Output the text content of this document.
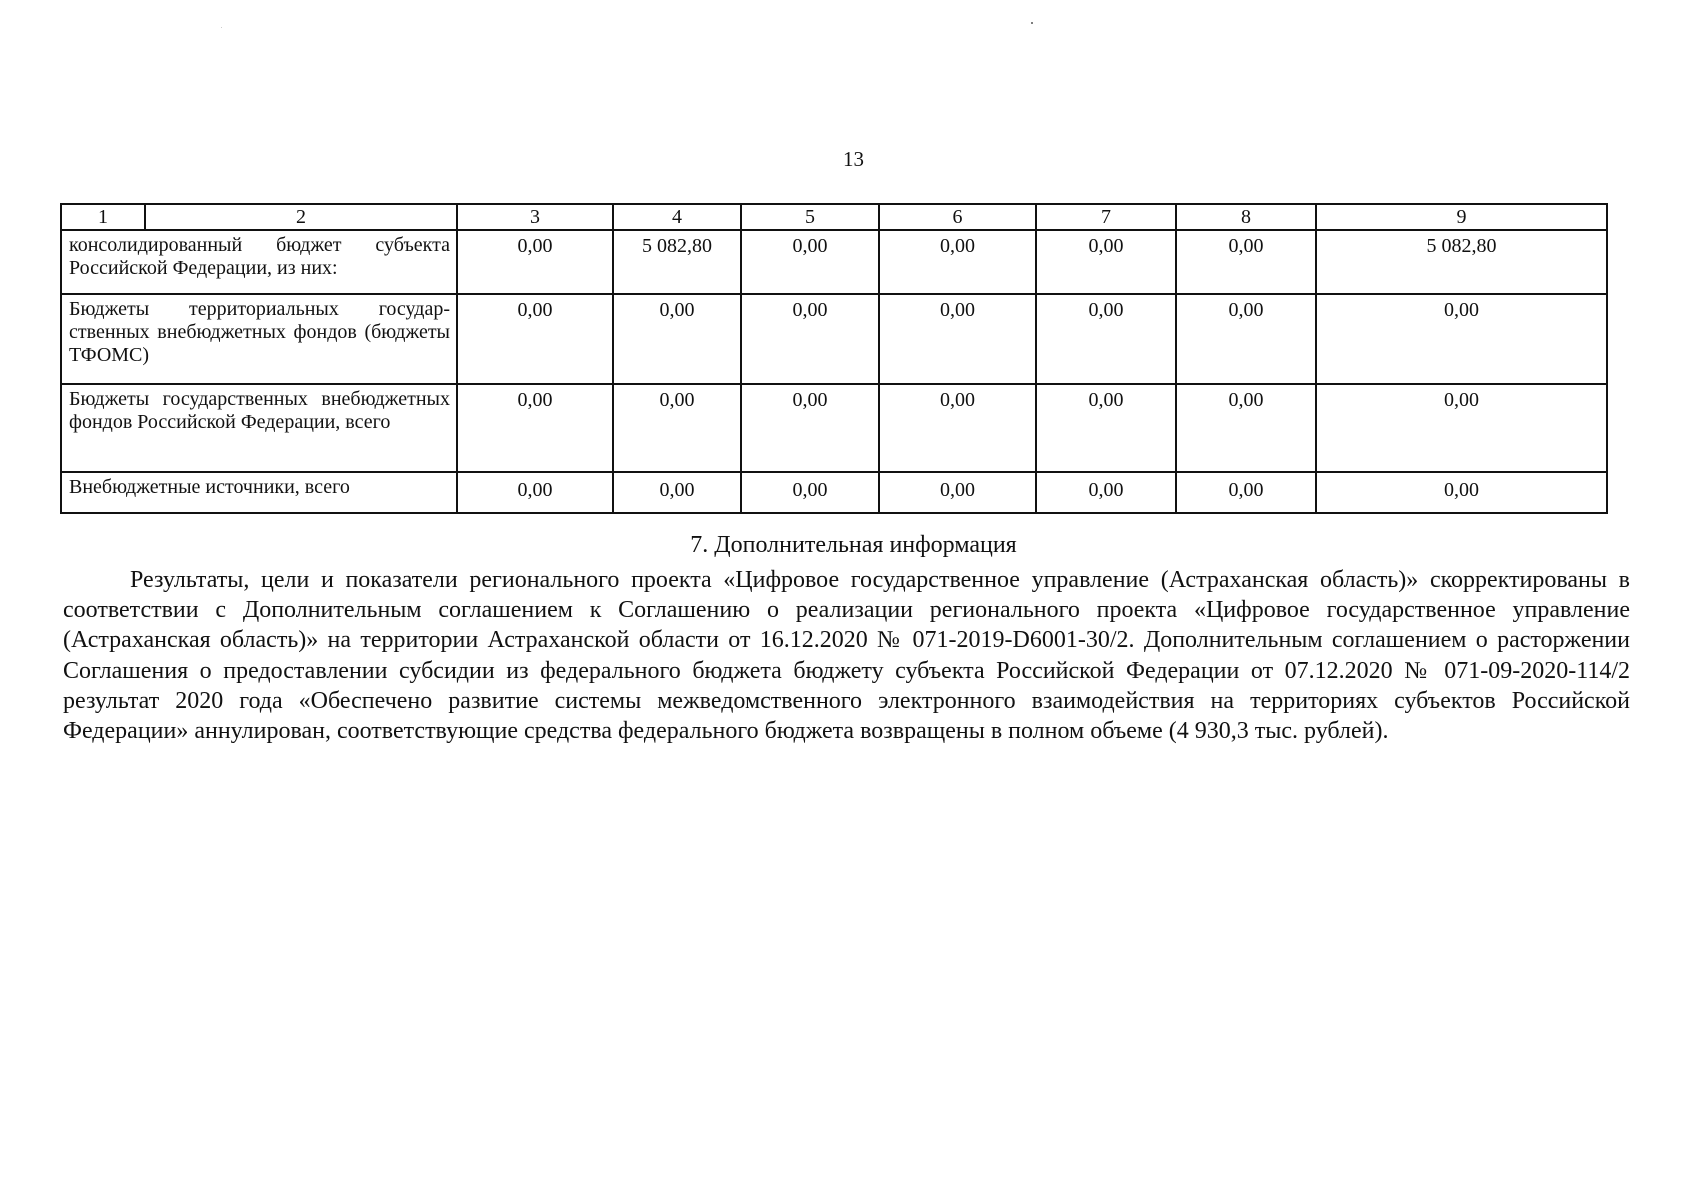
13
1	2	3	4	5	6	7	8	9
консолидированный бюджет субъекта Российской Федерации, из них:		0,00	5 082,80	0,00	0,00	0,00	0,00	5 082,80
Бюджеты территориальных государственных внебюджетных фондов (бюджеты ТФОМС)		0,00	0,00	0,00	0,00	0,00	0,00	0,00
Бюджеты государственных внебюджетных фондов Российской Федерации, всего		0,00	0,00	0,00	0,00	0,00	0,00	0,00
Внебюджетные источники, всего		0,00	0,00	0,00	0,00	0,00	0,00	0,00
7. Дополнительная информация

Результаты, цели и показатели регионального проекта «Цифровое государственное управление (Астраханская область)» скорректированы в соответствии с Дополнительным соглашением к Соглашению о реализации регионального проекта «Цифровое государственное управление (Астраханская область)» на территории Астраханской области от 16.12.2020 № 071-2019-D6001-30/2. Дополнительным соглашением о расторжении Соглашения о предоставлении субсидии из федерального бюджета бюджету субъекта Российской Федерации от 07.12.2020 № 071-09-2020-114/2 результат 2020 года «Обеспечено развитие системы межведомственного электронного взаимодействия на территориях субъектов Российской Федерации» аннулирован, соответствующие средства федерального бюджета возвращены в полном объеме (4 930,3 тыс. рублей).
